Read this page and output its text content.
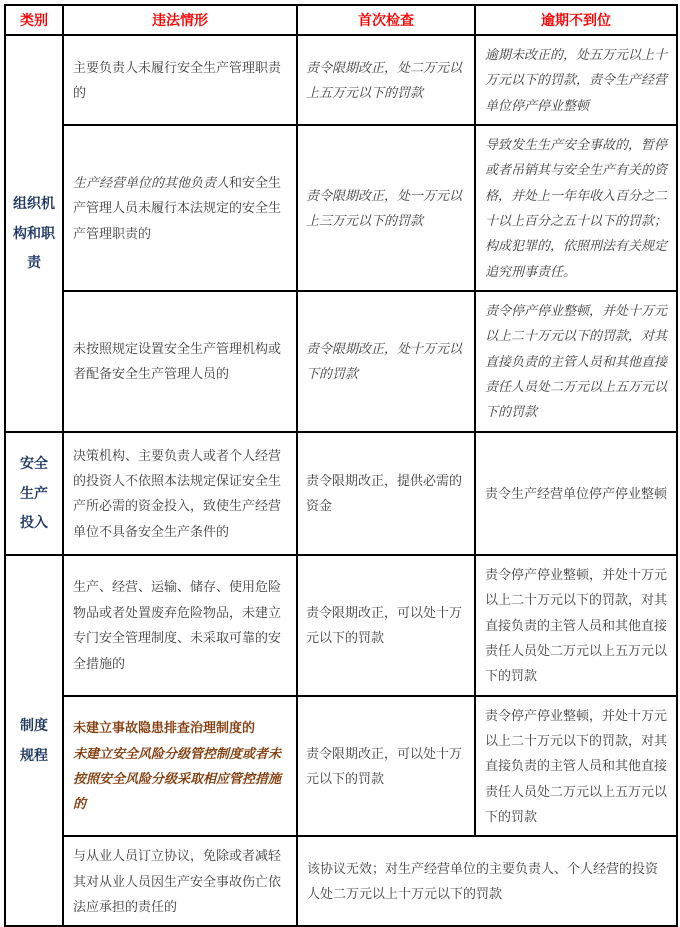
类别	违法情形	首次检查	逾期不到位

组织机
构和职
责	主要负责人未履行安全生产管理职责的	责令限期改正，处二万元以上五万元以下的罚款	逾期未改正的，处五万元以上十万元以下的罚款，责令生产经营单位停产停业整顿
	生产经营单位的其他负责人和安全生产管理人员未履行本法规定的安全生产管理职责的	责令限期改正，处一万元以上三万元以下的罚款	导致发生生产安全事故的，暂停或者吊销其与安全生产有关的资格，并处上一年年收入百分之二十以上百分之五十以下的罚款；构成犯罪的，依照刑法有关规定追究刑事责任。
	未按照规定设置安全生产管理机构或者配备安全生产管理人员的	责令限期改正，处十万元以下的罚款	责令停产停业整顿，并处十万元以上二十万元以下的罚款，对其直接负责的主管人员和其他直接责任人员处二万元以上五万元以下的罚款

安全
生产
投入	决策机构、主要负责人或者个人经营的投资人不依照本法规定保证安全生产所必需的资金投入，致使生产经营单位不具备安全生产条件的	责令限期改正，提供必需的资金	责令生产经营单位停产停业整顿

制度
规程	生产、经营、运输、储存、使用危险物品或者处置废弃危险物品，未建立专门安全管理制度、未采取可靠的安全措施的	责令限期改正，可以处十万元以下的罚款	责令停产停业整顿，并处十万元以上二十万元以下的罚款，对其直接负责的主管人员和其他直接责任人员处二万元以上五万元以下的罚款

	未建立事故隐患排查治理制度的
未建立安全风险分级管控制度或者未按照安全风险分级采取相应管控措施的	责令限期改正，可以处十万元以下的罚款	责令停产停业整顿，并处十万元以上二十万元以下的罚款，对其直接负责的主管人员和其他直接责任人员处二万元以上五万元以下的罚款
	与从业人员订立协议，免除或者减轻其对从业人员因生产安全事故伤亡依法应承担的责任的	该协议无效；对生产经营单位的主要负责人、个人经营的投资人处二万元以上十万元以下的罚款	
